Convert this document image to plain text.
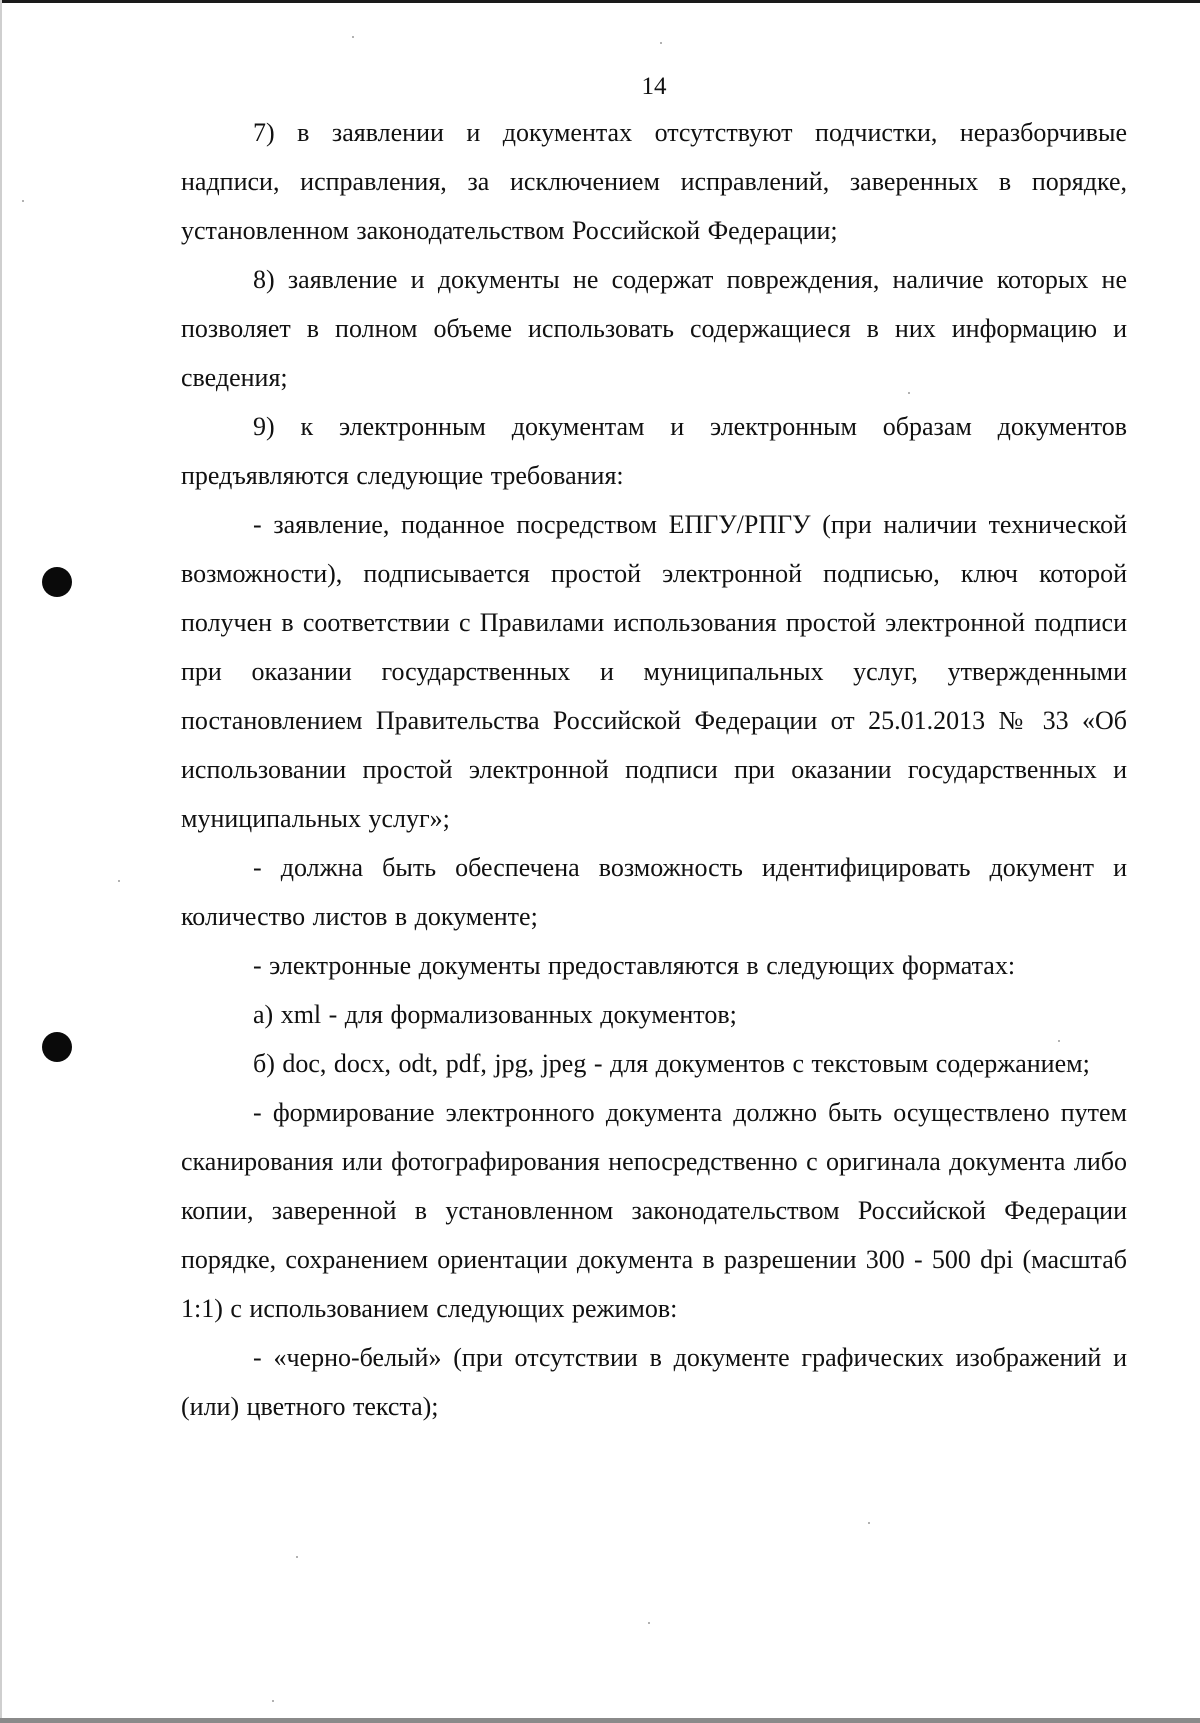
14

7) в заявлении и документах отсутствуют подчистки, неразборчивые надписи, исправления, за исключением исправлений, заверенных в порядке, установленном законодательством Российской Федерации;

8) заявление и документы не содержат повреждения, наличие которых не позволяет в полном объеме использовать содержащиеся в них информацию и сведения;

9) к электронным документам и электронным образам документов предъявляются следующие требования:

- заявление, поданное посредством ЕПГУ/РПГУ (при наличии технической возможности), подписывается простой электронной подписью, ключ которой получен в соответствии с Правилами использования простой электронной подписи при оказании государственных и муниципальных услуг, утвержденными постановлением Правительства Российской Федерации от 25.01.2013 № 33 «Об использовании простой электронной подписи при оказании государственных и муниципальных услуг»;

- должна быть обеспечена возможность идентифицировать документ и количество листов в документе;

- электронные документы предоставляются в следующих форматах:

а) xml - для формализованных документов;

б) doc, docx, odt, pdf, jpg, jpeg - для документов с текстовым содержанием;

- формирование электронного документа должно быть осуществлено путем сканирования или фотографирования непосредственно с оригинала документа либо копии, заверенной в установленном законодательством Российской Федерации порядке, сохранением ориентации документа в разрешении 300 - 500 dpi (масштаб 1:1) с использованием следующих режимов:

- «черно-белый» (при отсутствии в документе графических изображений и (или) цветного текста);
